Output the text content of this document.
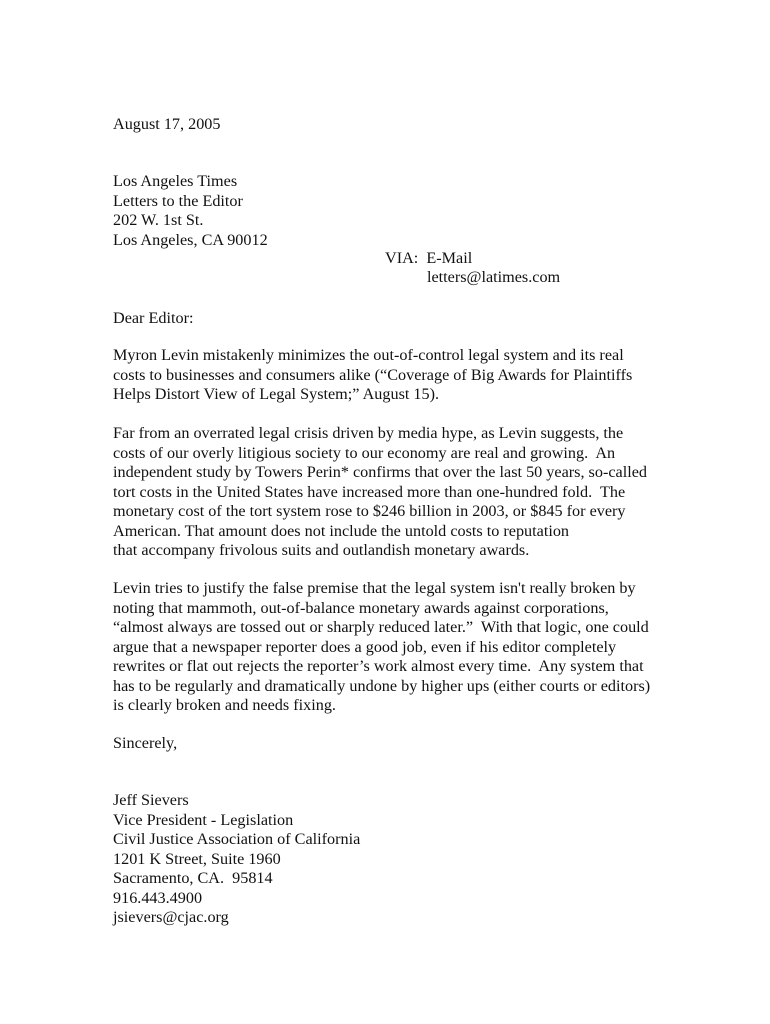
August 17, 2005
Los Angeles Times
Letters to the Editor
202 W. 1st St.
Los Angeles, CA 90012
VIA:  E-Mail
letters@latimes.com
Dear Editor:
Myron Levin mistakenly minimizes the out-of-control legal system and its real
costs to businesses and consumers alike (“Coverage of Big Awards for Plaintiffs
Helps Distort View of Legal System;” August 15).
Far from an overrated legal crisis driven by media hype, as Levin suggests, the
costs of our overly litigious society to our economy are real and growing.  An
independent study by Towers Perin* confirms that over the last 50 years, so-called
tort costs in the United States have increased more than one-hundred fold.  The
monetary cost of the tort system rose to $246 billion in 2003, or $845 for every
American. That amount does not include the untold costs to reputation
that accompany frivolous suits and outlandish monetary awards.
Levin tries to justify the false premise that the legal system isn't really broken by
noting that mammoth, out-of-balance monetary awards against corporations,
“almost always are tossed out or sharply reduced later.”  With that logic, one could
argue that a newspaper reporter does a good job, even if his editor completely
rewrites or flat out rejects the reporter’s work almost every time.  Any system that
has to be regularly and dramatically undone by higher ups (either courts or editors)
is clearly broken and needs fixing.
Sincerely,
Jeff Sievers
Vice President - Legislation
Civil Justice Association of California
1201 K Street, Suite 1960
Sacramento, CA.  95814
916.443.4900
jsievers@cjac.org
